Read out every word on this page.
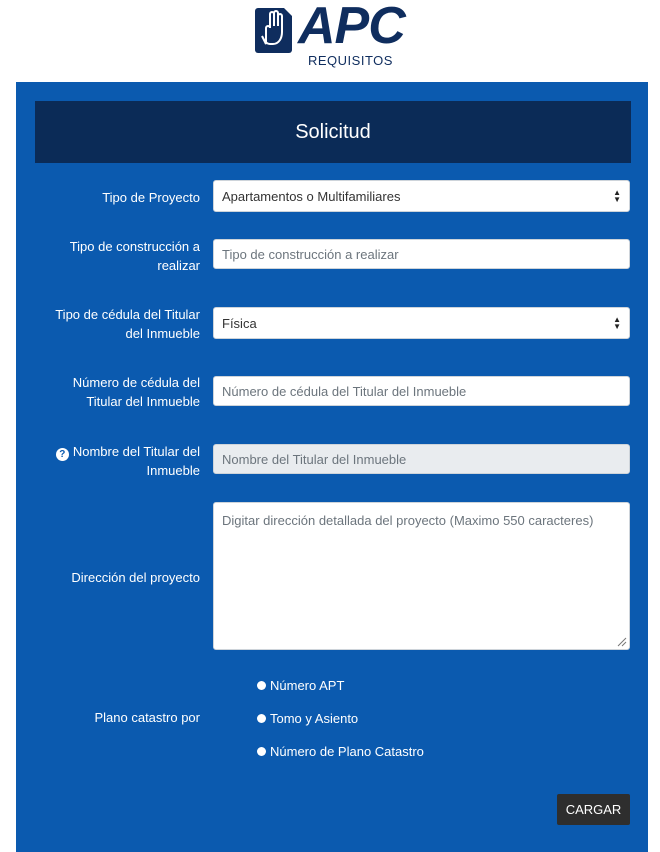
APC
REQUISITOS
Solicitud
Tipo de Proyecto Apartamentos o Multifamiliares	▲
▼
Tipo de construcción a realizar
Tipo de construcción a realizar
Tipo de cédula del Titular del Inmueble
Física	▲
▼
Número de cédula del Titular del Inmueble
Número de cédula del Titular del Inmueble
? Nombre del Titular del Inmueble
Nombre del Titular del Inmueble
Dirección del proyecto
Digitar dirección detallada del proyecto (Maximo 550 caracteres)
Plano catastro por
Número APT
Tomo y Asiento
Número de Plano Catastro
CARGAR
